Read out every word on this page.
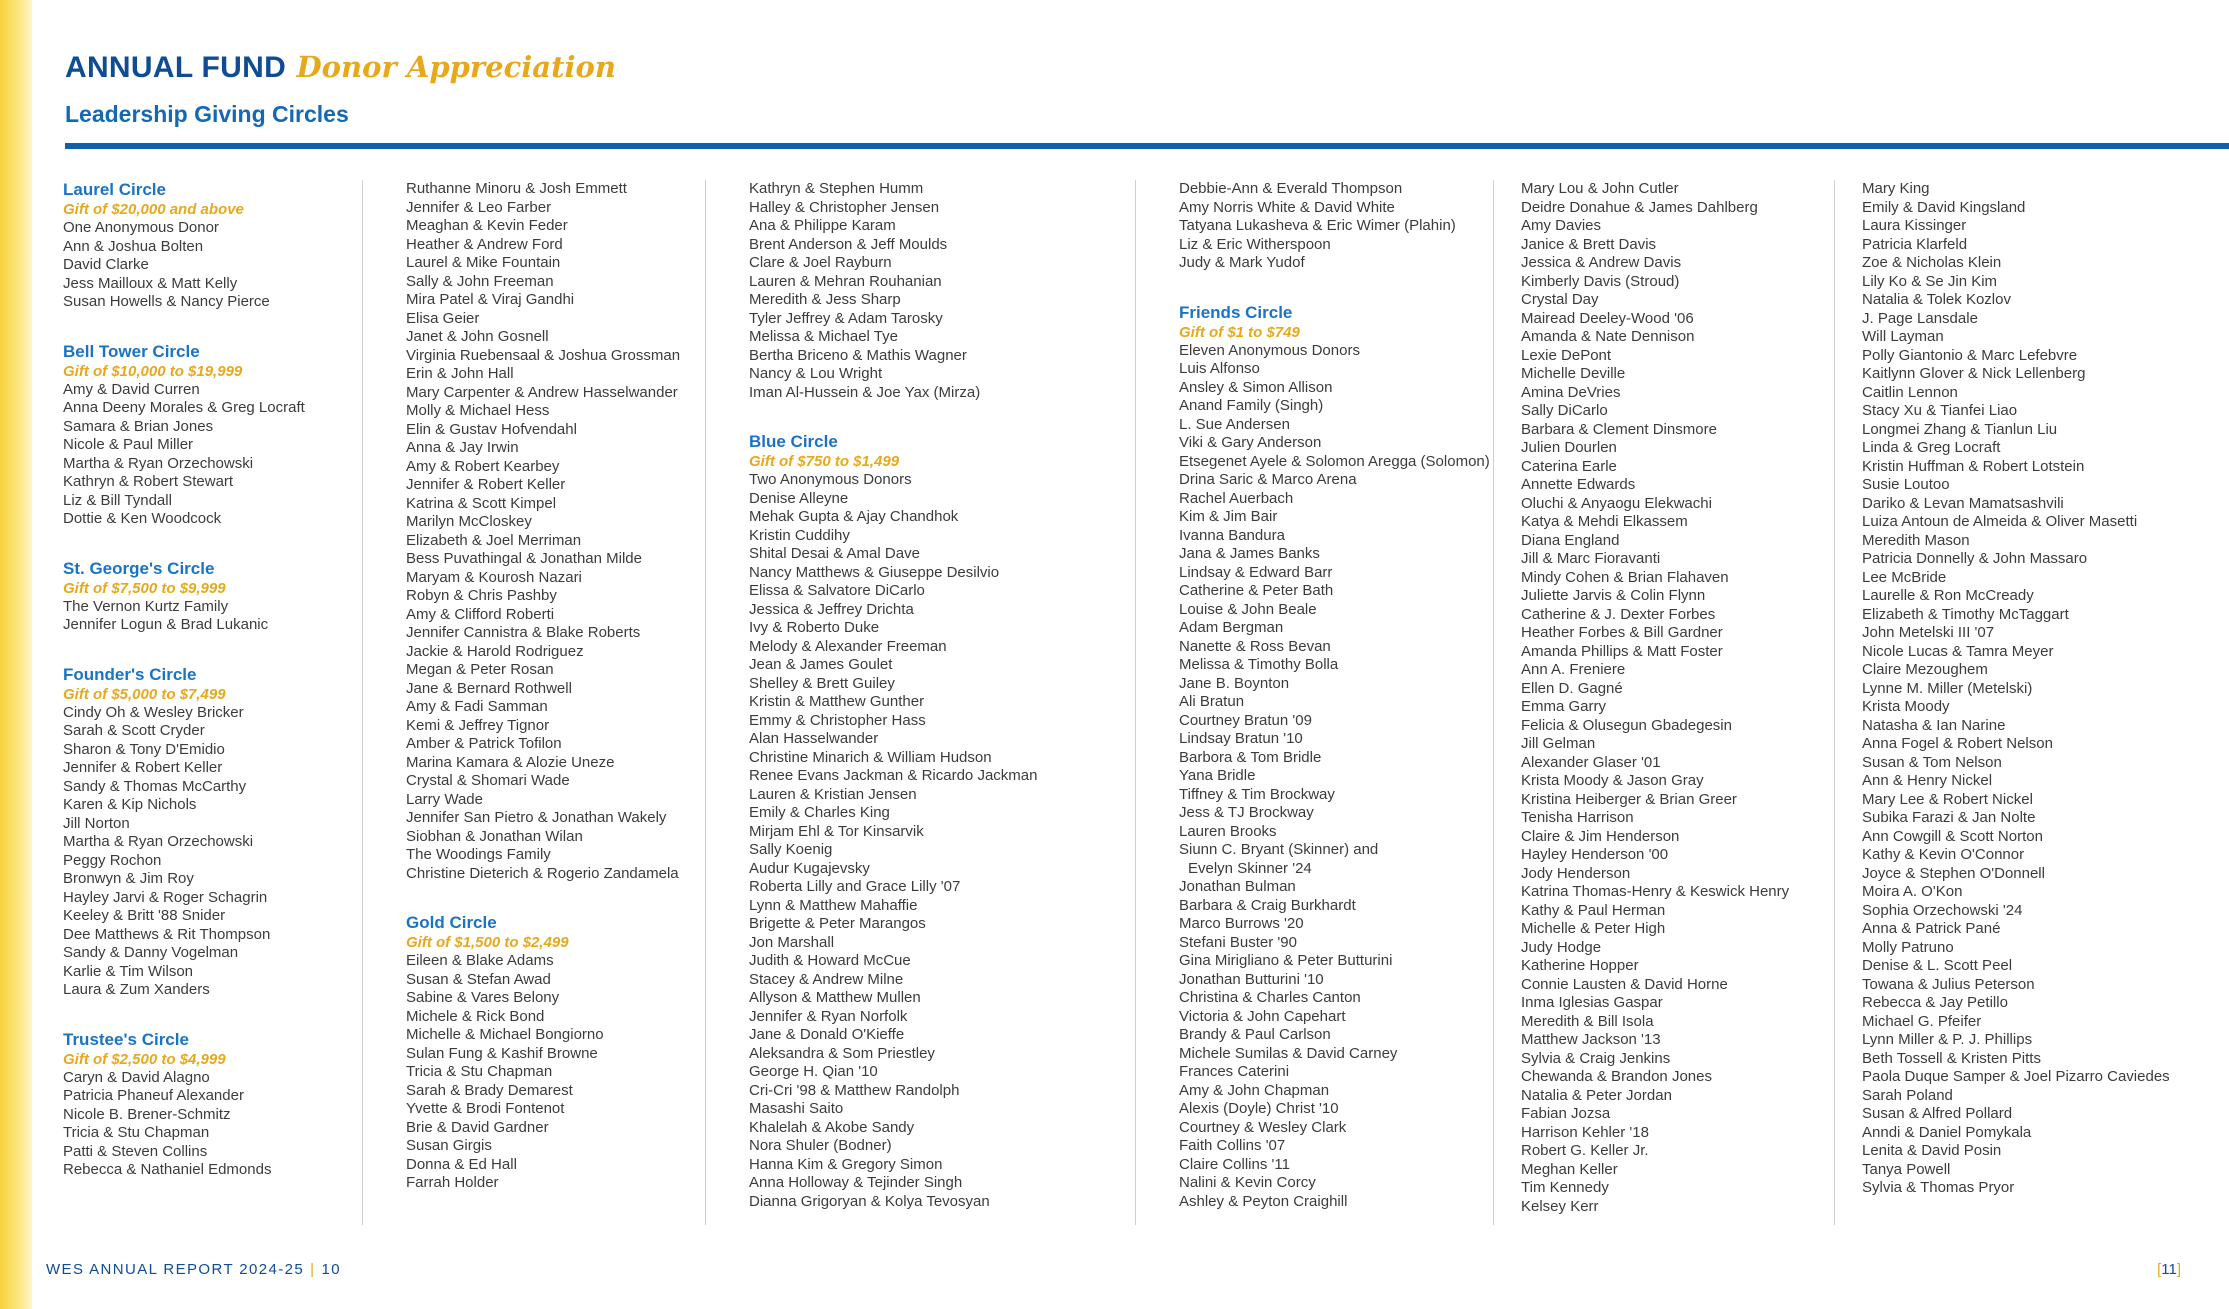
ANNUAL FUND Donor Appreciation
Leadership Giving Circles
Laurel Circle
Gift of $20,000 and above
One Anonymous Donor
Ann & Joshua Bolten
David Clarke
Jess Mailloux & Matt Kelly
Susan Howells & Nancy Pierce
Bell Tower Circle
Gift of $10,000 to $19,999
Amy & David Curren
Anna Deeny Morales & Greg Locraft
Samara & Brian Jones
Nicole & Paul Miller
Martha & Ryan Orzechowski
Kathryn & Robert Stewart
Liz & Bill Tyndall
Dottie & Ken Woodcock
St. George's Circle
Gift of $7,500 to $9,999
The Vernon Kurtz Family
Jennifer Logun & Brad Lukanic
Founder's Circle
Gift of $5,000 to $7,499
Cindy Oh & Wesley Bricker
Sarah & Scott Cryder
Sharon & Tony D'Emidio
Jennifer & Robert Keller
Sandy & Thomas McCarthy
Karen & Kip Nichols
Jill Norton
Martha & Ryan Orzechowski
Peggy Rochon
Bronwyn & Jim Roy
Hayley Jarvi & Roger Schagrin
Keeley & Britt '88 Snider
Dee Matthews & Rit Thompson
Sandy & Danny Vogelman
Karlie & Tim Wilson
Laura & Zum Xanders
Trustee's Circle
Gift of $2,500 to $4,999
Caryn & David Alagno
Patricia Phaneuf Alexander
Nicole B. Brener-Schmitz
Tricia & Stu Chapman
Patti & Steven Collins
Rebecca & Nathaniel Edmonds
Ruthanne Minoru & Josh Emmett
Jennifer & Leo Farber
Meaghan & Kevin Feder
Heather & Andrew Ford
Laurel & Mike Fountain
Sally & John Freeman
Mira Patel & Viraj Gandhi
Elisa Geier
Janet & John Gosnell
Virginia Ruebensaal & Joshua Grossman
Erin & John Hall
Mary Carpenter & Andrew Hasselwander
Molly & Michael Hess
Elin & Gustav Hofvendahl
Anna & Jay Irwin
Amy & Robert Kearbey
Jennifer & Robert Keller
Katrina & Scott Kimpel
Marilyn McCloskey
Elizabeth & Joel Merriman
Bess Puvathingal & Jonathan Milde
Maryam & Kourosh Nazari
Robyn & Chris Pashby
Amy & Clifford Roberti
Jennifer Cannistra & Blake Roberts
Jackie & Harold Rodriguez
Megan & Peter Rosan
Jane & Bernard Rothwell
Amy & Fadi Samman
Kemi & Jeffrey Tignor
Amber & Patrick Tofilon
Marina Kamara & Alozie Uneze
Crystal & Shomari Wade
Larry Wade
Jennifer San Pietro & Jonathan Wakely
Siobhan & Jonathan Wilan
The Woodings Family
Christine Dieterich & Rogerio Zandamela
Gold Circle
Gift of $1,500 to $2,499
Eileen & Blake Adams
Susan & Stefan Awad
Sabine & Vares Belony
Michele & Rick Bond
Michelle & Michael Bongiorno
Sulan Fung & Kashif Browne
Tricia & Stu Chapman
Sarah & Brady Demarest
Yvette & Brodi Fontenot
Brie & David Gardner
Susan Girgis
Donna & Ed Hall
Farrah Holder
Kathryn & Stephen Humm
Halley & Christopher Jensen
Ana & Philippe Karam
Brent Anderson & Jeff Moulds
Clare & Joel Rayburn
Lauren & Mehran Rouhanian
Meredith & Jess Sharp
Tyler Jeffrey & Adam Tarosky
Melissa & Michael Tye
Bertha Briceno & Mathis Wagner
Nancy & Lou Wright
Iman Al-Hussein & Joe Yax (Mirza)
Blue Circle
Gift of $750 to $1,499
Two Anonymous Donors
Denise Alleyne
Mehak Gupta & Ajay Chandhok
Kristin Cuddihy
Shital Desai & Amal Dave
Nancy Matthews & Giuseppe Desilvio
Elissa & Salvatore DiCarlo
Jessica & Jeffrey Drichta
Ivy & Roberto Duke
Melody & Alexander Freeman
Jean & James Goulet
Shelley & Brett Guiley
Kristin & Matthew Gunther
Emmy & Christopher Hass
Alan Hasselwander
Christine Minarich & William Hudson
Renee Evans Jackman & Ricardo Jackman
Lauren & Kristian Jensen
Emily & Charles King
Mirjam Ehl & Tor Kinsarvik
Sally Koenig
Audur Kugajevsky
Roberta Lilly and Grace Lilly '07
Lynn & Matthew Mahaffie
Brigette & Peter Marangos
Jon Marshall
Judith & Howard McCue
Stacey & Andrew Milne
Allyson & Matthew Mullen
Jennifer & Ryan Norfolk
Jane & Donald O'Kieffe
Aleksandra & Som Priestley
George H. Qian '10
Cri-Cri '98 & Matthew Randolph
Masashi Saito
Khalelah & Akobe Sandy
Nora Shuler (Bodner)
Hanna Kim & Gregory Simon
Anna Holloway & Tejinder Singh
Dianna Grigoryan & Kolya Tevosyan
Debbie-Ann & Everald Thompson
Amy Norris White & David White
Tatyana Lukasheva & Eric Wimer (Plahin)
Liz & Eric Witherspoon
Judy & Mark Yudof
Friends Circle
Gift of $1 to $749
Eleven Anonymous Donors
Luis Alfonso
Ansley & Simon Allison
Anand Family (Singh)
L. Sue Andersen
Viki & Gary Anderson
Etsegenet Ayele & Solomon Aregga (Solomon)
Drina Saric & Marco Arena
Rachel Auerbach
Kim & Jim Bair
Ivanna Bandura
Jana & James Banks
Lindsay & Edward Barr
Catherine & Peter Bath
Louise & John Beale
Adam Bergman
Nanette & Ross Bevan
Melissa & Timothy Bolla
Jane B. Boynton
Ali Bratun
Courtney Bratun '09
Lindsay Bratun '10
Barbora & Tom Bridle
Yana Bridle
Tiffney & Tim Brockway
Jess & TJ Brockway
Lauren Brooks
Siunn C. Bryant (Skinner) and
Evelyn Skinner '24
Jonathan Bulman
Barbara & Craig Burkhardt
Marco Burrows '20
Stefani Buster '90
Gina Mirigliano & Peter Butturini
Jonathan Butturini '10
Christina & Charles Canton
Victoria & John Capehart
Brandy & Paul Carlson
Michele Sumilas & David Carney
Frances Caterini
Amy & John Chapman
Alexis (Doyle) Christ '10
Courtney & Wesley Clark
Faith Collins '07
Claire Collins '11
Nalini & Kevin Corcy
Ashley & Peyton Craighill
Mary Lou & John Cutler
Deidre Donahue & James Dahlberg
Amy Davies
Janice & Brett Davis
Jessica & Andrew Davis
Kimberly Davis (Stroud)
Crystal Day
Mairead Deeley-Wood '06
Amanda & Nate Dennison
Lexie DePont
Michelle Deville
Amina DeVries
Sally DiCarlo
Barbara & Clement Dinsmore
Julien Dourlen
Caterina Earle
Annette Edwards
Oluchi & Anyaogu Elekwachi
Katya & Mehdi Elkassem
Diana England
Jill & Marc Fioravanti
Mindy Cohen & Brian Flahaven
Juliette Jarvis & Colin Flynn
Catherine & J. Dexter Forbes
Heather Forbes & Bill Gardner
Amanda Phillips & Matt Foster
Ann A. Freniere
Ellen D. Gagné
Emma Garry
Felicia & Olusegun Gbadegesin
Jill Gelman
Alexander Glaser '01
Krista Moody & Jason Gray
Kristina Heiberger & Brian Greer
Tenisha Harrison
Claire & Jim Henderson
Hayley Henderson '00
Jody Henderson
Katrina Thomas-Henry & Keswick Henry
Kathy & Paul Herman
Michelle & Peter High
Judy Hodge
Katherine Hopper
Connie Lausten & David Horne
Inma Iglesias Gaspar
Meredith & Bill Isola
Matthew Jackson '13
Sylvia & Craig Jenkins
Chewanda & Brandon Jones
Natalia & Peter Jordan
Fabian Jozsa
Harrison Kehler '18
Robert G. Keller Jr.
Meghan Keller
Tim Kennedy
Kelsey Kerr
Mary King
Emily & David Kingsland
Laura Kissinger
Patricia Klarfeld
Zoe & Nicholas Klein
Lily Ko & Se Jin Kim
Natalia & Tolek Kozlov
J. Page Lansdale
Will Layman
Polly Giantonio & Marc Lefebvre
Kaitlynn Glover & Nick Lellenberg
Caitlin Lennon
Stacy Xu & Tianfei Liao
Longmei Zhang & Tianlun Liu
Linda & Greg Locraft
Kristin Huffman & Robert Lotstein
Susie Loutoo
Dariko & Levan Mamatsashvili
Luiza Antoun de Almeida & Oliver Masetti
Meredith Mason
Patricia Donnelly & John Massaro
Lee McBride
Laurelle & Ron McCready
Elizabeth & Timothy McTaggart
John Metelski III '07
Nicole Lucas & Tamra Meyer
Claire Mezoughem
Lynne M. Miller (Metelski)
Krista Moody
Natasha & Ian Narine
Anna Fogel & Robert Nelson
Susan & Tom Nelson
Ann & Henry Nickel
Mary Lee & Robert Nickel
Subika Farazi & Jan Nolte
Ann Cowgill & Scott Norton
Kathy & Kevin O'Connor
Joyce & Stephen O'Donnell
Moira A. O'Kon
Sophia Orzechowski '24
Anna & Patrick Pané
Molly Patruno
Denise & L. Scott Peel
Towana & Julius Peterson
Rebecca & Jay Petillo
Michael G. Pfeifer
Lynn Miller & P. J. Phillips
Beth Tossell & Kristen Pitts
Paola Duque Samper & Joel Pizarro Caviedes
Sarah Poland
Susan & Alfred Pollard
Anndi & Daniel Pomykala
Lenita & David Posin
Tanya Powell
Sylvia & Thomas Pryor
WES ANNUAL REPORT 2024-25 | 10	[11]
